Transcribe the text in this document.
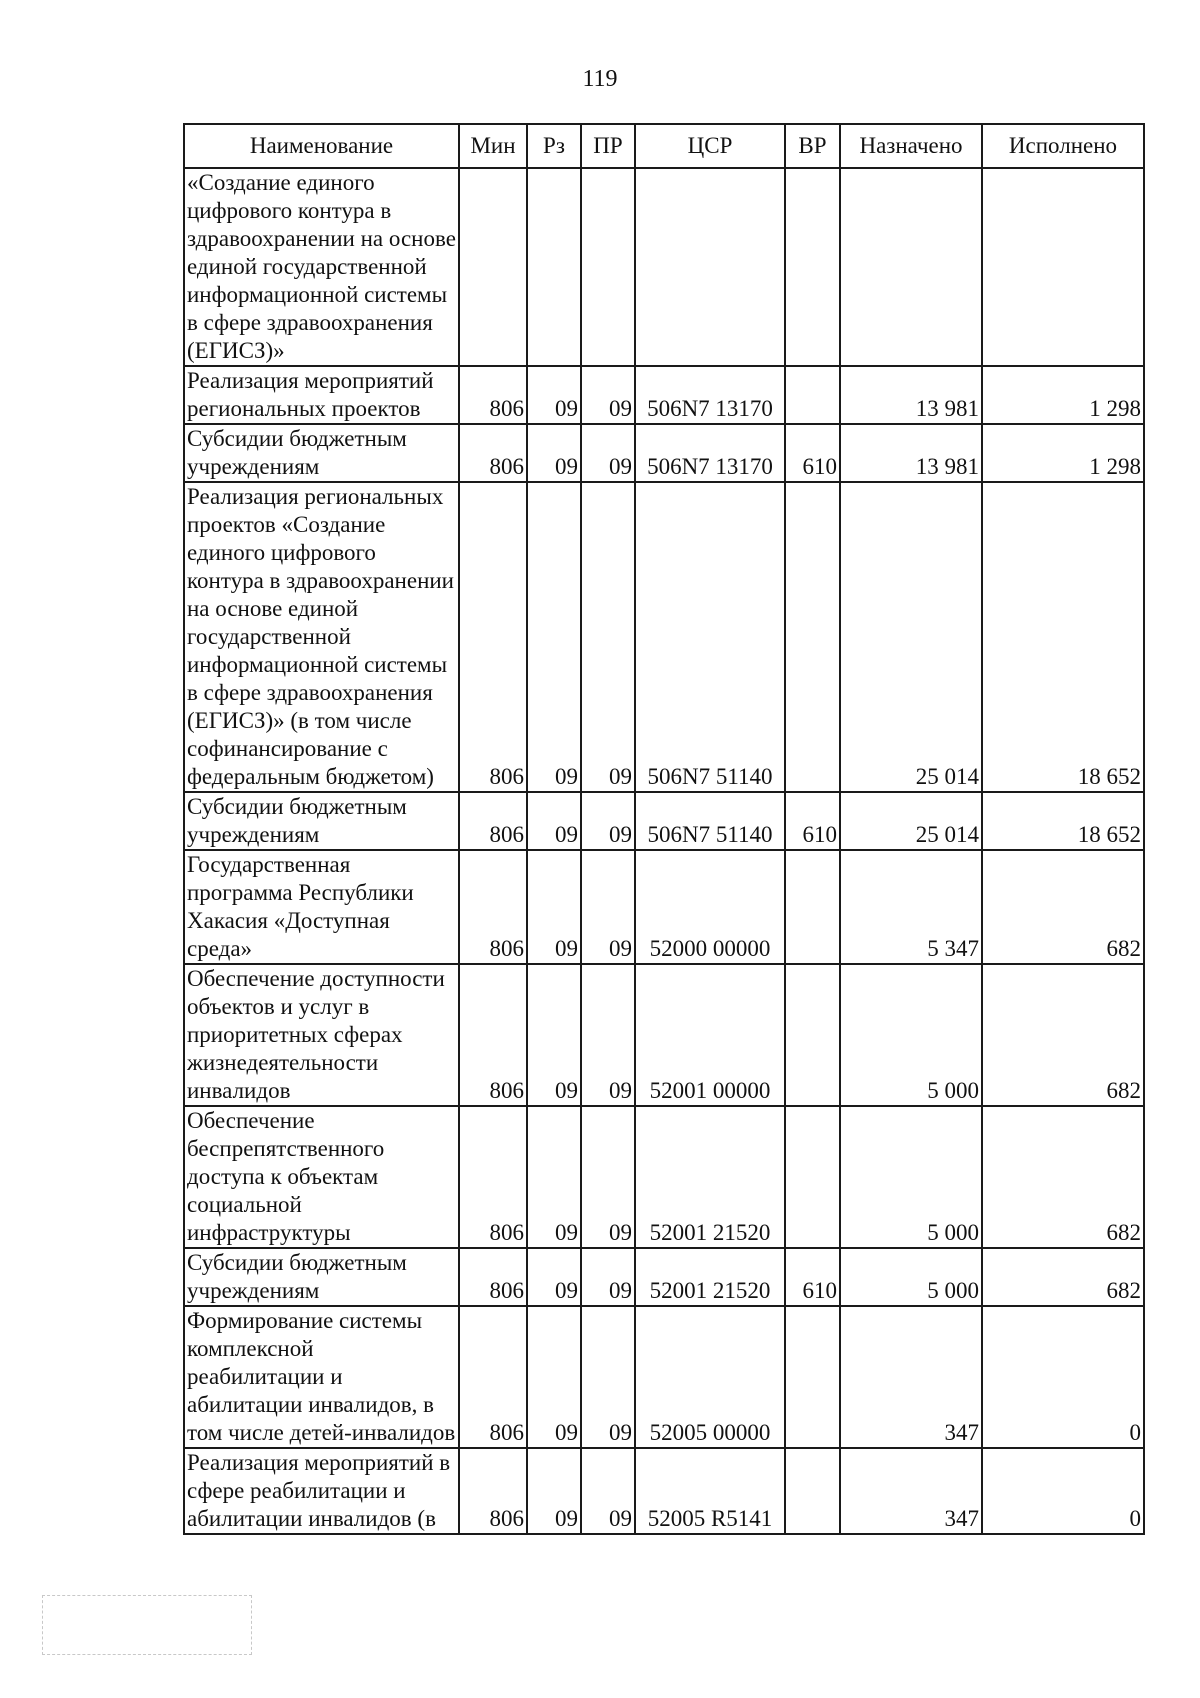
119
Наименование	Мин	Рз	ПР	ЦСР	ВР	Назначено	Исполнено
«Создание единого цифрового контура в здравоохранении на основе единой государственной информационной системы в сфере здравоохранения (ЕГИСЗ)»							
Реализация мероприятий региональных проектов	806	09	09	506N7 13170		13 981	1 298
Субсидии бюджетным учреждениям	806	09	09	506N7 13170	610	13 981	1 298
Реализация региональных проектов «Создание единого цифрового контура в здравоохранении на основе единой государственной информационной системы в сфере здравоохранения (ЕГИСЗ)» (в том числе софинансирование с федеральным бюджетом)	806	09	09	506N7 51140		25 014	18 652
Субсидии бюджетным учреждениям	806	09	09	506N7 51140	610	25 014	18 652
Государственная программа Республики Хакасия «Доступная среда»	806	09	09	52000 00000		5 347	682
Обеспечение доступности объектов и услуг в приоритетных сферах жизнедеятельности инвалидов	806	09	09	52001 00000		5 000	682
Обеспечение беспрепятственного доступа к объектам социальной инфраструктуры	806	09	09	52001 21520		5 000	682
Субсидии бюджетным учреждениям	806	09	09	52001 21520	610	5 000	682
Формирование системы комплексной реабилитации и абилитации инвалидов, в том числе детей-инвалидов	806	09	09	52005 00000		347	0
Реализация мероприятий в сфере реабилитации и абилитации инвалидов (в	806	09	09	52005 R5141		347	0
